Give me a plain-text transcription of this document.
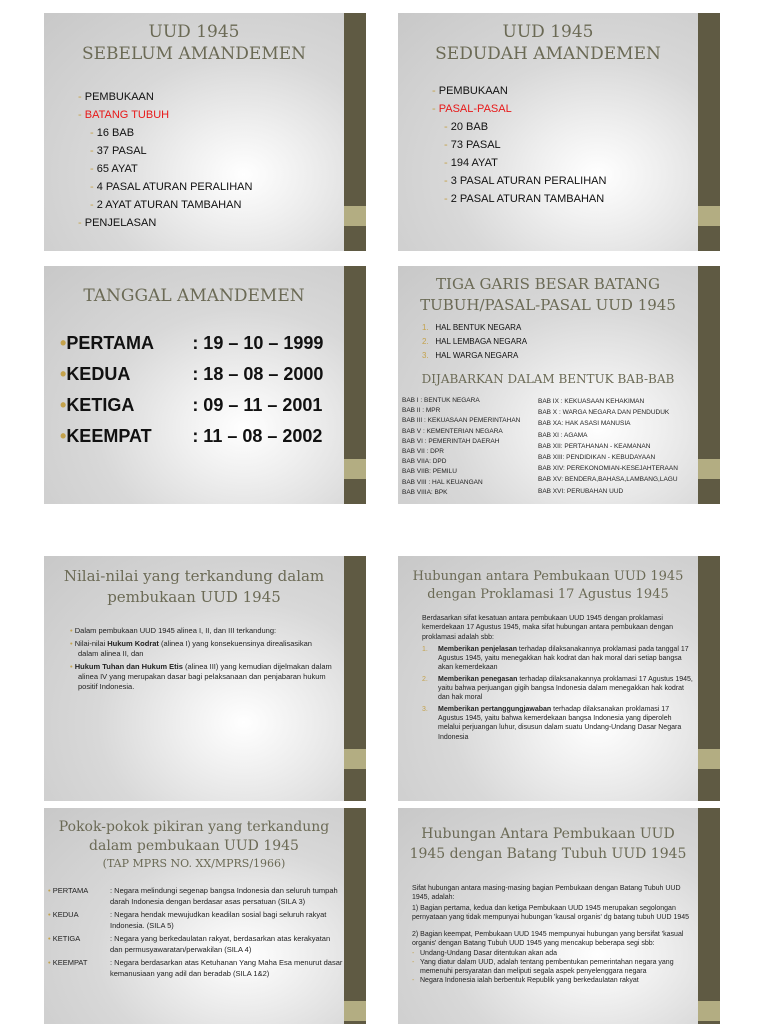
UUD 1945
SEBELUM AMANDEMEN
- PEMBUKAAN
- BATANG TUBUH
- 16 BAB
- 37 PASAL
- 65 AYAT
- 4 PASAL ATURAN PERALIHAN
- 2 AYAT ATURAN TAMBAHAN
- PENJELASAN
UUD 1945
SEDUDAH AMANDEMEN
- PEMBUKAAN
- PASAL-PASAL
- 20 BAB
- 73 PASAL
- 194 AYAT
- 3 PASAL ATURAN PERALIHAN
- 2 PASAL ATURAN TAMBAHAN
TANGGAL AMANDEMEN
•PERTAMA : 19 – 10 – 1999
•KEDUA	: 18 – 08 – 2000
•KETIGA	: 09 – 11 – 2001
•KEEMPAT : 11 – 08 – 2002
TIGA GARIS BESAR BATANG
TUBUH/PASAL-PASAL UUD 1945
1. HAL BENTUK NEGARA
2. HAL LEMBAGA NEGARA
3. HAL WARGA NEGARA
DIJABARKAN DALAM BENTUK BAB-BAB
BAB I : BENTUK NEGARA
BAB II : MPR
BAB III : KEKUASAAN PEMERINTAHAN
BAB V : KEMENTERIAN NEGARA
BAB VI : PEMERINTAH DAERAH
BAB VII : DPR
BAB VIIA: DPD
BAB VIIB: PEMILU
BAB VIII : HAL KEUANGAN
BAB VIIIA: BPK
BAB IX : KEKUASAAN KEHAKIMAN
BAB X : WARGA NEGARA DAN PENDUDUK
BAB XA: HAK ASASI MANUSIA
BAB XI : AGAMA
BAB XII: PERTAHANAN - KEAMANAN
BAB XIII: PENDIDIKAN - KEBUDAYAAN
BAB XIV: PEREKONOMIAN-KESEJAHTERAAN
BAB XV: BENDERA,BAHASA,LAMBANG,LAGU
BAB XVI: PERUBAHAN UUD
Nilai-nilai yang terkandung dalam
pembukaan UUD 1945
• Dalam pembukaan UUD 1945 alinea I, II, dan III terkandung:
• Nilai-nilai Hukum Kodrat (alinea I) yang konsekuensinya direalisasikan dalam alinea II, dan
• Hukum Tuhan dan Hukum Etis (alinea III) yang kemudian dijelmakan dalam alinea IV yang merupakan dasar bagi pelaksanaan dan penjabaran hukum positif Indonesia.
Hubungan antara Pembukaan UUD 1945
dengan Proklamasi 17 Agustus 1945
Berdasarkan sifat kesatuan antara pembukaan UUD 1945 dengan proklamasi kemerdekaan 17 Agustus 1945, maka sifat hubungan antara pembukaan dengan proklamasi adalah sbb:
1.	Memberikan penjelasan terhadap dilaksanakannya proklamasi pada tanggal 17 Agustus 1945, yaitu menegakkan hak kodrat dan hak moral dari setiap bangsa akan kemerdekaan
2.	Memberikan penegasan terhadap dilaksanakannya proklamasi 17 Agustus 1945, yaitu bahwa perjuangan gigih bangsa Indonesia dalam menegakkan hak kodrat dan hak moral
3.	Memberikan pertanggungjawaban terhadap dilaksanakan proklamasi 17 Agustus 1945, yaitu bahwa kemerdekaan bangsa Indonesia yang diperoleh melalui perjuangan luhur, disusun dalam suatu Undang-Undang Dasar Negara Indonesia
Pokok-pokok pikiran yang terkandung
dalam pembukaan UUD 1945
(TAP MPRS NO. XX/MPRS/1966)
• PERTAMA	: Negara melindungi segenap bangsa Indonesia dan seluruh tumpah darah Indonesia dengan berdasar asas persatuan (SILA 3)
• KEDUA	: Negara hendak mewujudkan keadilan sosial bagi seluruh rakyat Indonesia. (SILA 5)
• KETIGA	: Negara yang berkedaulatan rakyat, berdasarkan atas kerakyatan dan permusyawaratan/perwakilan (SILA 4)
• KEEMPAT	: Negara berdasarkan atas Ketuhanan Yang Maha Esa menurut dasar kemanusiaan yang adil dan beradab (SILA 1&2)
Hubungan Antara Pembukaan UUD
1945 dengan Batang Tubuh UUD 1945
Sifat hubungan antara masing-masing bagian Pembukaan dengan Batang Tubuh UUD 1945, adalah:
1) Bagian pertama, kedua dan ketiga Pembukaan UUD 1945 merupakan segolongan pernyataan yang tidak mempunyai hubungan 'kausal organis' dg batang tubuh UUD 1945
2) Bagian keempat, Pembukaan UUD 1945 mempunyai hubungan yang bersifat 'kasual organis' dengan Batang Tubuh UUD 1945 yang mencakup beberapa segi sbb:
- Undang-Undang Dasar ditentukan akan ada
- Yang diatur dalam UUD, adalah tentang pembentukan pemerintahan negara yang memenuhi persyaratan dan meliputi segala aspek penyelenggara negara
- Negara Indonesia ialah berbentuk Republik yang berkedaulatan rakyat
